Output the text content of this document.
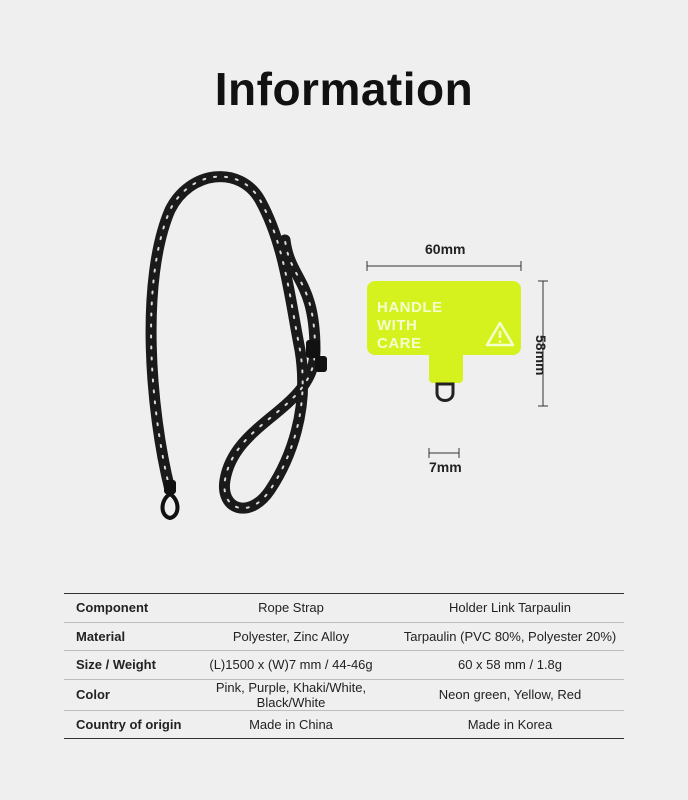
Information
60mm
HANDLE
WITH
CARE	58mm
7mm
Component	Rope Strap	Holder Link Tarpaulin
Material	Polyester, Zinc Alloy	Tarpaulin (PVC 80%, Polyester 20%)
Size / Weight	(L)1500 x (W)7 mm / 44-46g	60 x 58 mm / 1.8g
Color	Pink, Purple, Khaki/White, Black/White	Neon green, Yellow, Red
Country of origin	Made in China	Made in Korea
